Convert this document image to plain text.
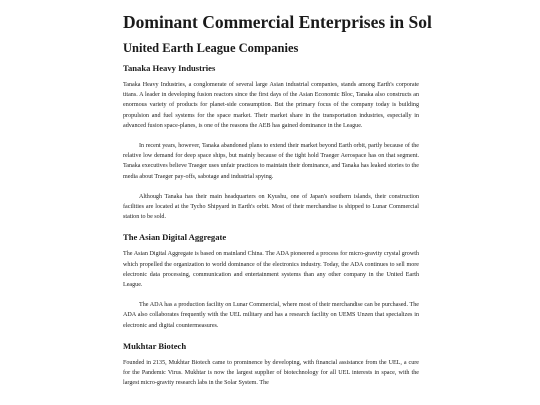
Dominant Commercial Enterprises in Sol
United Earth League Companies
Tanaka Heavy Industries

Tanaka Heavy Industries, a conglomerate of several large Asian industrial companies, stands among Earth's corporate titans. A leader in developing fusion reactors since the first days of the Asian Economic Bloc, Tanaka also constructs an enormous variety of products for planet-side consumption. But the primary focus of the company today is building propulsion and fuel systems for the space market. Their market share in the transportation industries, especially in advanced fusion space-planes, is one of the reasons the AEB has gained dominance in the League.

In recent years, however, Tanaka abandoned plans to extend their market beyond Earth orbit, partly because of the relative low demand for deep space ships, but mainly because of the tight hold Traeger Aerospace has on that segment. Tanaka executives believe Traeger uses unfair practices to maintain their dominance, and Tanaka has leaked stories to the media about Traeger pay-offs, sabotage and industrial spying.

Although Tanaka has their main headquarters on Kyushu, one of Japan's southern islands, their construction facilities are located at the Tycho Shipyard in Earth's orbit. Most of their merchandise is shipped to Lunar Commercial station to be sold.

The Asian Digital Aggregate

The Asian Digital Aggregate is based on mainland China. The ADA pioneered a process for micro-gravity crystal growth which propelled the organization to world dominance of the electronics industry. Today, the ADA continues to sell more electronic data processing, communication and entertainment systems than any other company in the United Earth League.

The ADA has a production facility on Lunar Commercial, where most of their merchandise can be purchased. The ADA also collaborates frequently with the UEL military and has a research facility on UEMS Unzen that specializes in electronic and digital countermeasures.

Mukhtar Biotech

Founded in 2135, Mukhtar Biotech came to prominence by developing, with financial assistance from the UEL, a cure for the Pandemic Virus. Mukhtar is now the largest supplier of biotechnology for all UEL interests in space, with the largest micro-gravity research labs in the Solar System. The
